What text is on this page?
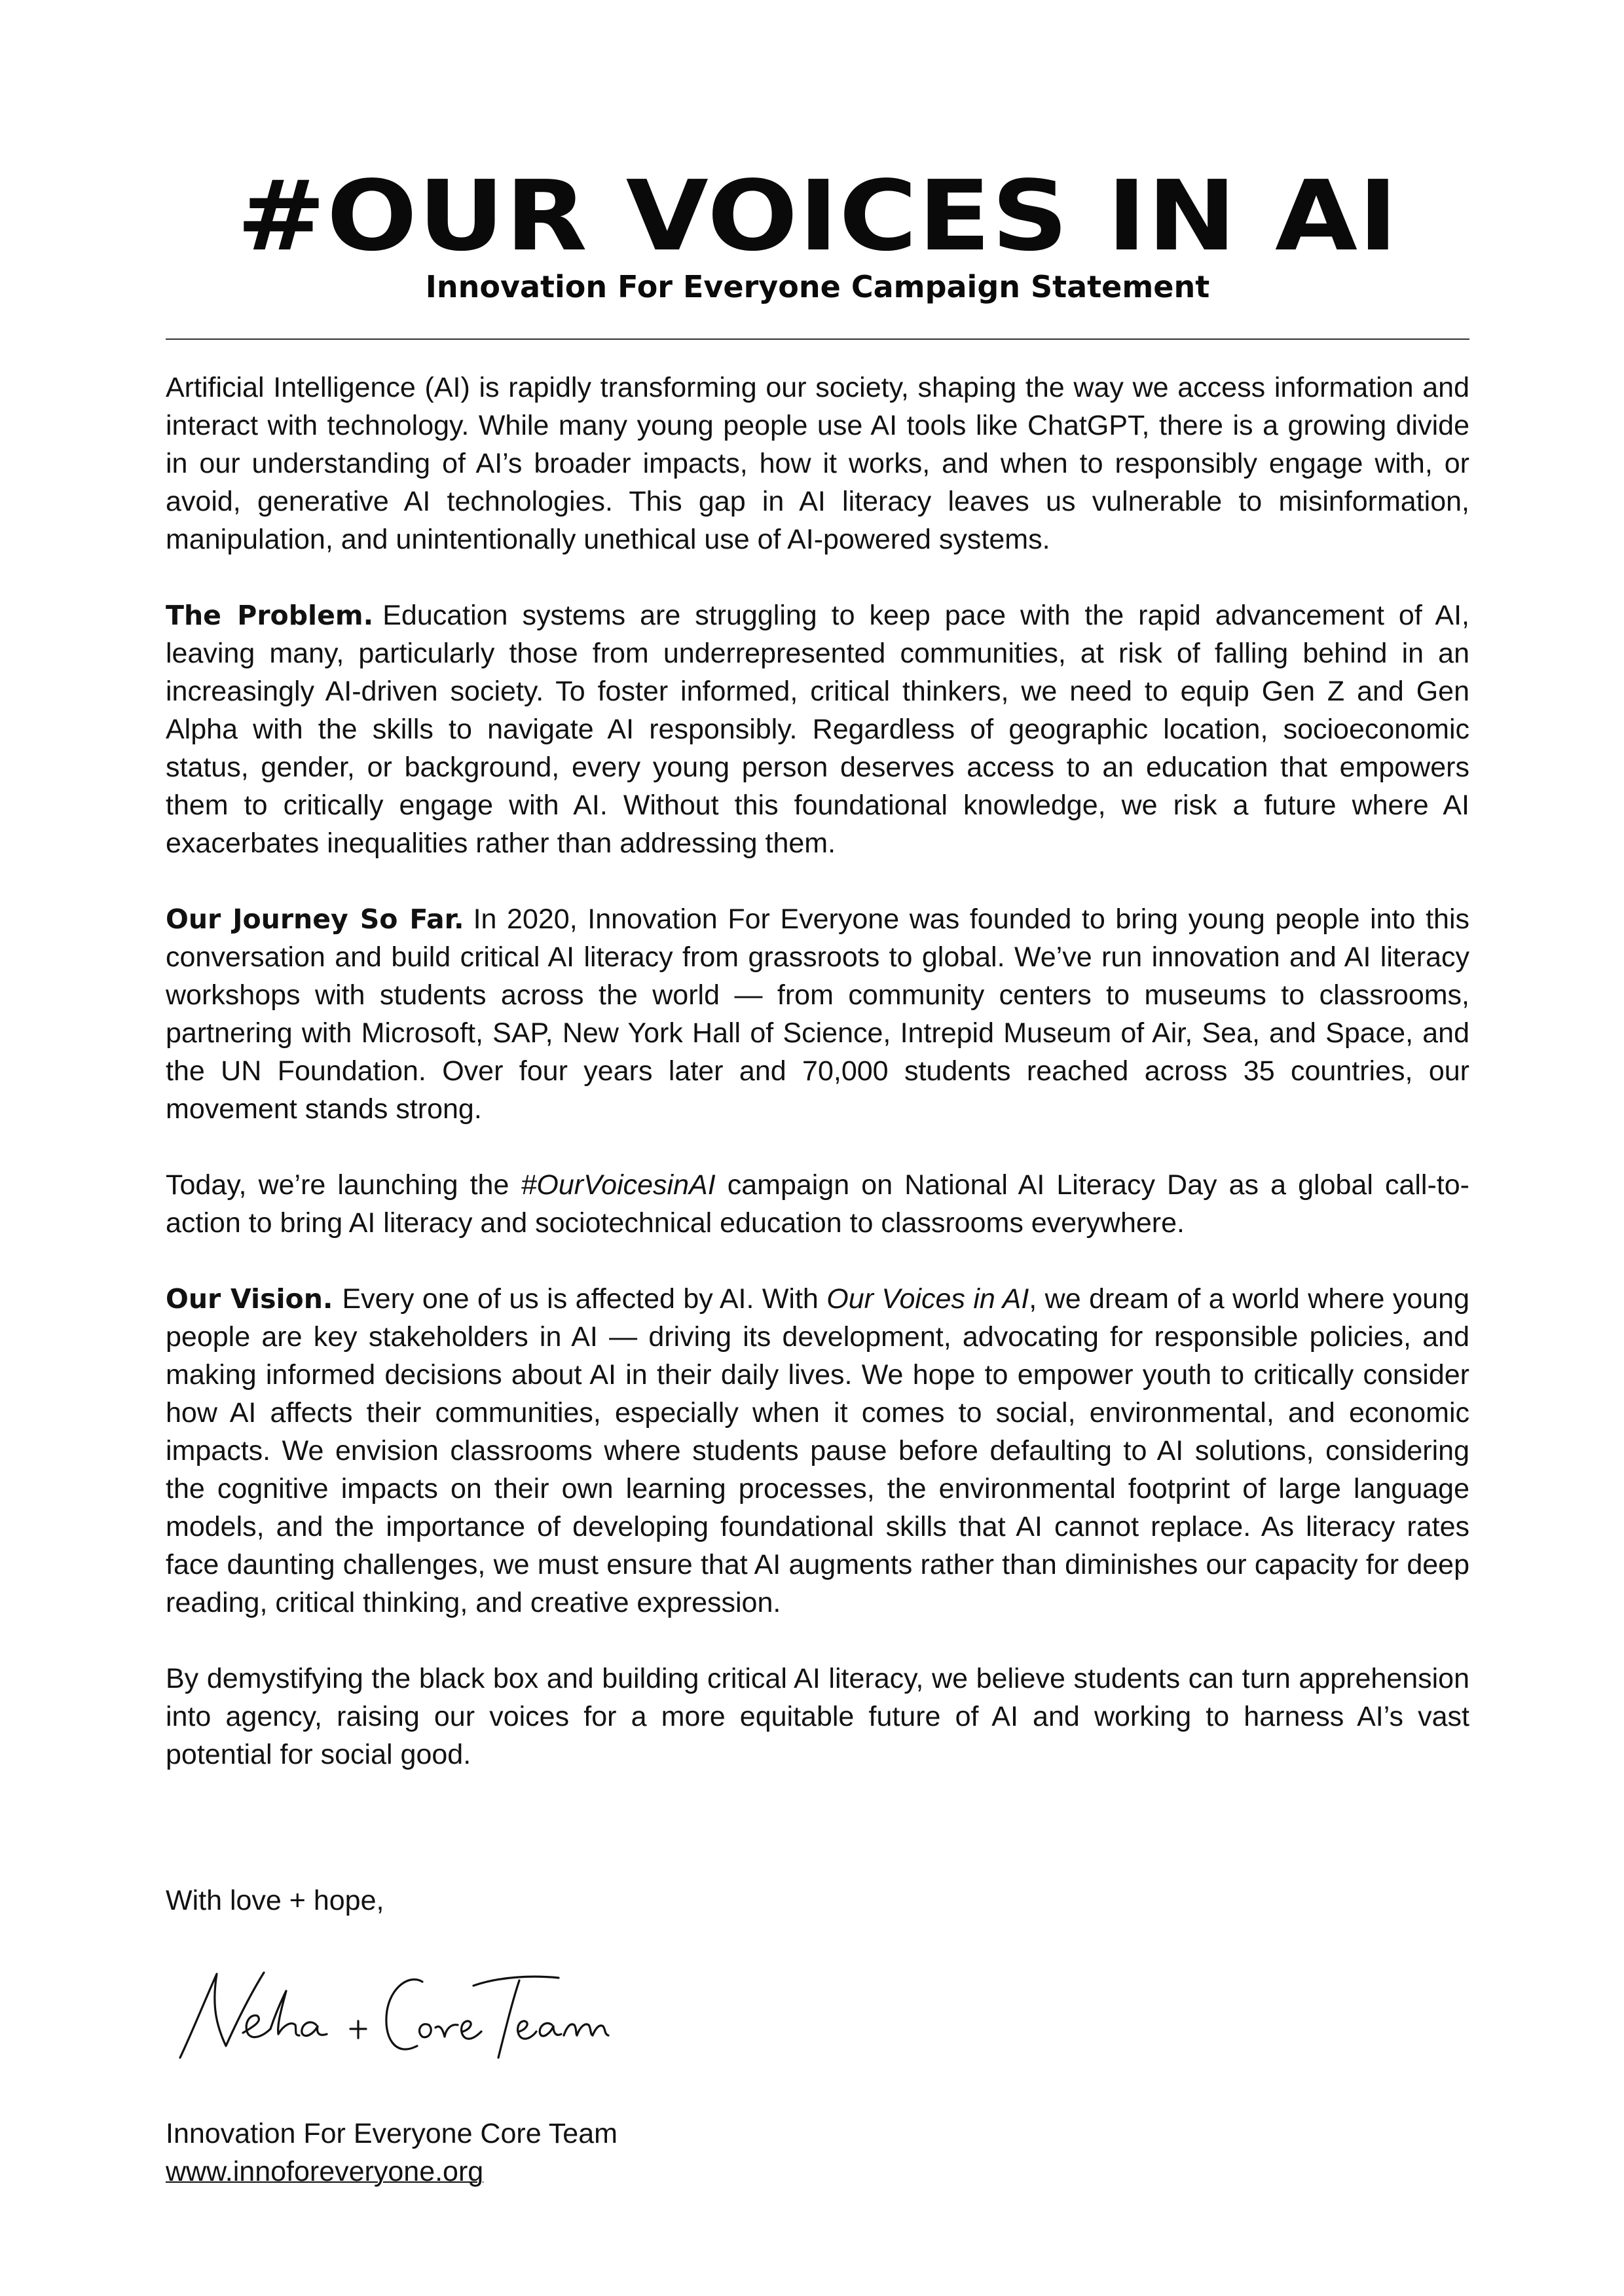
#OUR VOICES IN AI

Innovation For Everyone Campaign Statement

Artificial Intelligence (AI) is rapidly transforming our society, shaping the way we access information and interact with technology. While many young people use AI tools like ChatGPT, there is a growing divide in our understanding of AI’s broader impacts, how it works, and when to responsibly engage with, or avoid, generative AI technologies. This gap in AI literacy leaves us vulnerable to misinformation, manipulation, and unintentionally unethical use of AI-powered systems.

The Problem. Education systems are struggling to keep pace with the rapid advancement of AI, leaving many, particularly those from underrepresented communities, at risk of falling behind in an increasingly AI-driven society. To foster informed, critical thinkers, we need to equip Gen Z and Gen Alpha with the skills to navigate AI responsibly. Regardless of geographic location, socioeconomic status, gender, or background, every young person deserves access to an education that empowers them to critically engage with AI. Without this foundational knowledge, we risk a future where AI exacerbates inequalities rather than addressing them.

Our Journey So Far. In 2020, Innovation For Everyone was founded to bring young people into this conversation and build critical AI literacy from grassroots to global. We’ve run innovation and AI literacy workshops with students across the world — from community centers to museums to classrooms, partnering with Microsoft, SAP, New York Hall of Science, Intrepid Museum of Air, Sea, and Space, and the UN Foundation. Over four years later and 70,000 students reached across 35 countries, our movement stands strong.

Today, we’re launching the #OurVoicesinAI campaign on National AI Literacy Day as a global call-to-action to bring AI literacy and sociotechnical education to classrooms everywhere.

Our Vision. Every one of us is affected by AI. With Our Voices in AI, we dream of a world where young people are key stakeholders in AI — driving its development, advocating for responsible policies, and making informed decisions about AI in their daily lives. We hope to empower youth to critically consider how AI affects their communities, especially when it comes to social, environmental, and economic impacts. We envision classrooms where students pause before defaulting to AI solutions, considering the cognitive impacts on their own learning processes, the environmental footprint of large language models, and the importance of developing foundational skills that AI cannot replace. As literacy rates face daunting challenges, we must ensure that AI augments rather than diminishes our capacity for deep reading, critical thinking, and creative expression.

By demystifying the black box and building critical AI literacy, we believe students can turn apprehension into agency, raising our voices for a more equitable future of AI and working to harness AI’s vast potential for social good.

With love + hope,

Innovation For Everyone Core Team
www.innoforeveryone.org
